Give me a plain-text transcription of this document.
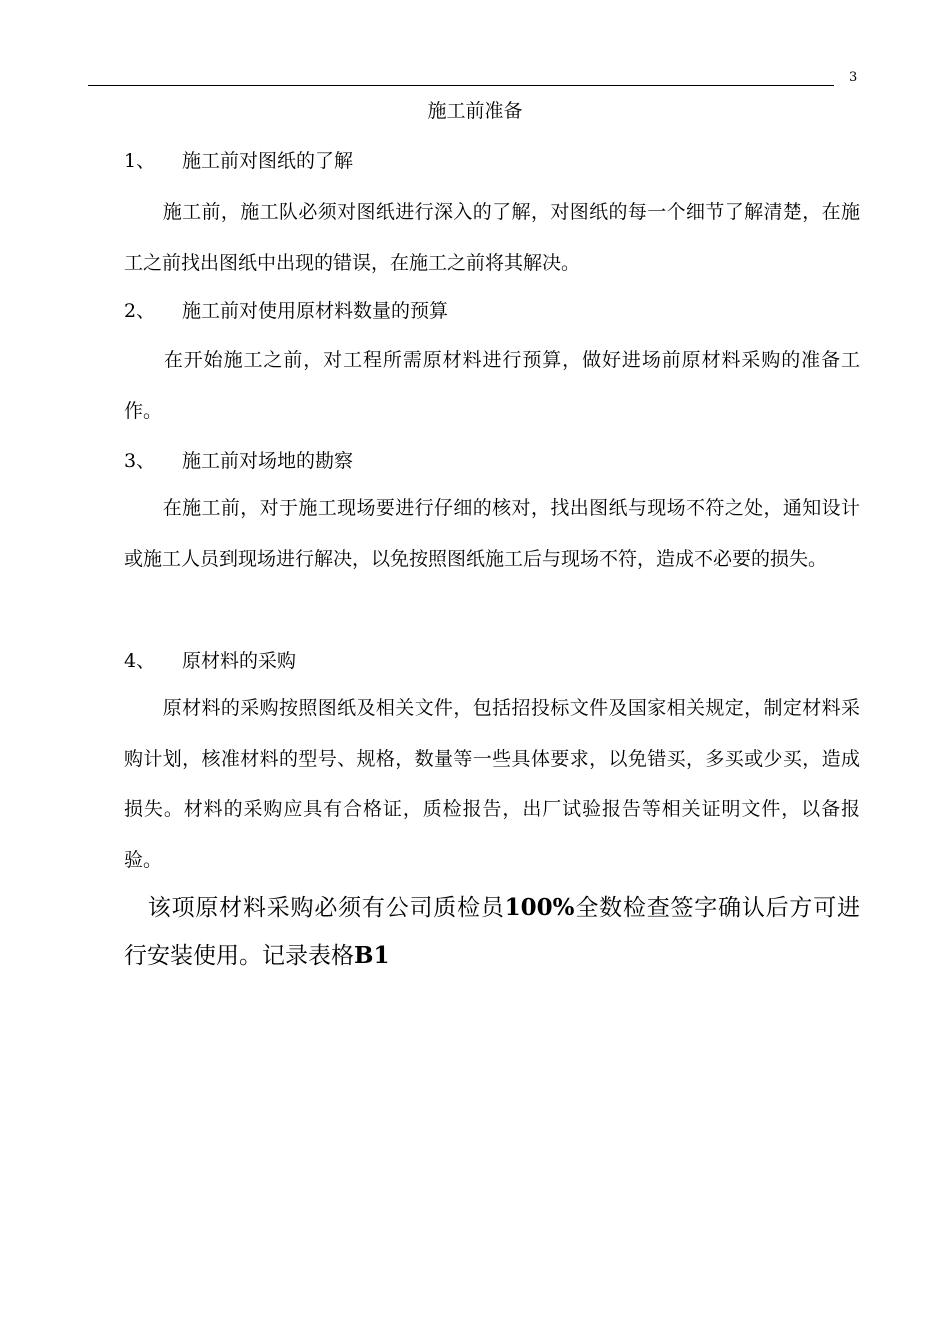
3
施工前准备
1、 施工前对图纸的了解
　　施工前，施工队必须对图纸进行深入的了解，对图纸的每一个细节了解清楚，在施工之前找出图纸中出现的错误，在施工之前将其解决。
2、 施工前对使用原材料数量的预算
　　在开始施工之前，对工程所需原材料进行预算，做好进场前原材料采购的准备工作。
3、 施工前对场地的勘察
　　在施工前，对于施工现场要进行仔细的核对，找出图纸与现场不符之处，通知设计或施工人员到现场进行解决，以免按照图纸施工后与现场不符，造成不必要的损失。
4、 原材料的采购
　　原材料的采购按照图纸及相关文件，包括招投标文件及国家相关规定，制定材料采购计划，核准材料的型号、规格，数量等一些具体要求，以免错买，多买或少买，造成损失。材料的采购应具有合格证，质检报告，出厂试验报告等相关证明文件，以备报验。
　该项原材料采购必须有公司质检员100%全数检查签字确认后方可进行安装使用。记录表格B1
